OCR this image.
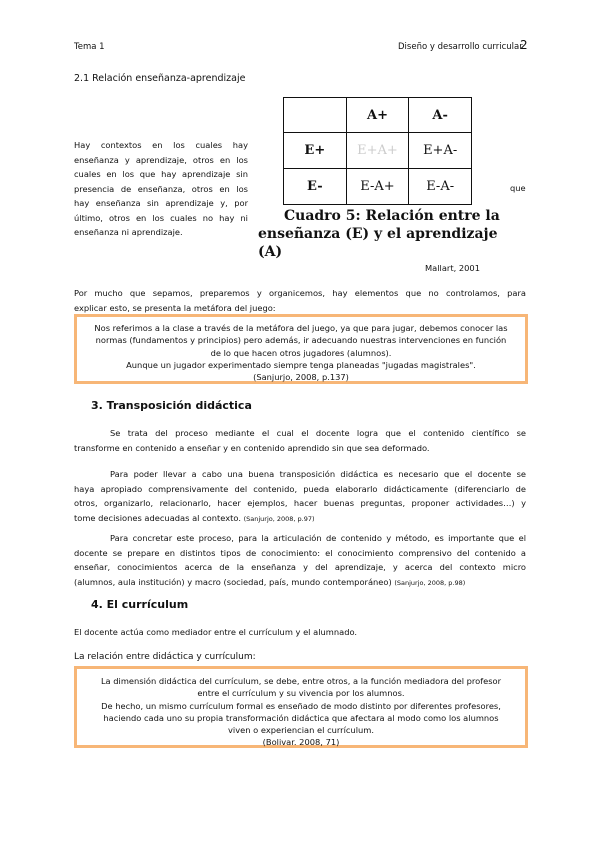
Tema 1	Diseño y desarrollo curricular
2
2.1 Relación enseñanza-aprendizaje
Hay contextos en los cuales hay
enseñanza y aprendizaje, otros en los
cuales en los que hay aprendizaje sin
presencia de enseñanza, otros en los
hay enseñanza sin aprendizaje y, por
último, otros en los cuales no hay ni
enseñanza ni aprendizaje.
que
	A+	A-
E+	E+A+	E+A-
E-	E-A+	E-A-
Cuadro 5: Relación entre la
enseñanza (E) y el aprendizaje (A)
Mallart, 2001
Por mucho que sepamos, preparemos y organicemos, hay elementos que no controlamos, para
explicar esto, se presenta la metáfora del juego:
Nos referimos a la clase a través de la metáfora del juego, ya que para jugar, debemos conocer las
normas (fundamentos y principios) pero además, ir adecuando nuestras intervenciones en función
de lo que hacen otros jugadores (alumnos).
Aunque un jugador experimentado siempre tenga planeadas "jugadas magistrales".
(Sanjurjo, 2008, p.137)
3. Transposición didáctica
Se trata del proceso mediante el cual el docente logra que el contenido científico se
transforme en contenido a enseñar y en contenido aprendido sin que sea deformado.
Para poder llevar a cabo una buena transposición didáctica es necesario que el docente se
haya apropiado comprensivamente del contenido, pueda elaborarlo didácticamente (diferenciarlo de
otros, organizarlo, relacionarlo, hacer ejemplos, hacer buenas preguntas, proponer actividades…) y
tome decisiones adecuadas al contexto. (Sanjurjo, 2008, p.97)
Para concretar este proceso, para la articulación de contenido y método, es importante que el
docente se prepare en distintos tipos de conocimiento: el conocimiento comprensivo del contenido a
enseñar, conocimientos acerca de la enseñanza y del aprendizaje, y acerca del contexto micro
(alumnos, aula institución) y macro (sociedad, país, mundo contemporáneo) (Sanjurjo, 2008, p.98)
4. El currículum
El docente actúa como mediador entre el currículum y el alumnado.
La relación entre didáctica y currículum:
La dimensión didáctica del currículum, se debe, entre otros, a la función mediadora del profesor
entre el currículum y su vivencia por los alumnos.
De hecho, un mismo currículum formal es enseñado de modo distinto por diferentes profesores,
haciendo cada uno su propia transformación didáctica que afectara al modo como los alumnos
viven o experiencian el currículum.
(Bolivar. 2008, 71)
